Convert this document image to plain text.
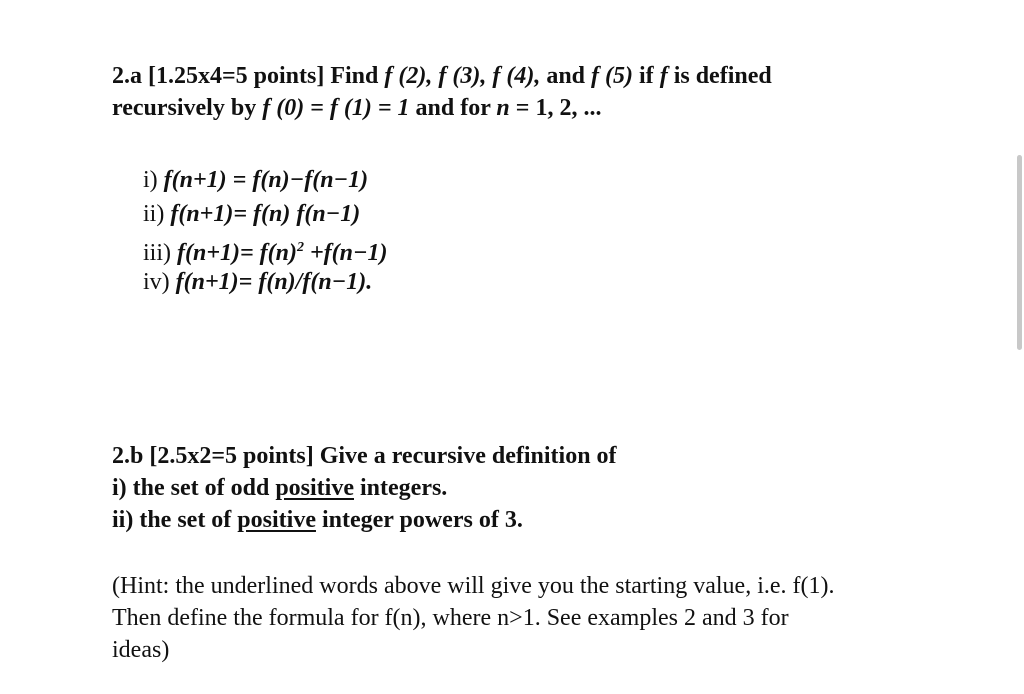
2.a [1.25x4=5 points] Find f (2), f (3), f (4), and f (5) if f is defined
recursively by f (0) = f (1) = 1 and for n = 1, 2, ...
i) f(n+1) = f(n)−f(n−1)
ii) f(n+1)= f(n) f(n−1)
iii) $f(n+1)= f(n)^2 +f(n-1)$
iv) f(n+1)= f(n)/f(n−1).
2.b [2.5x2=5 points] Give a recursive definition of
i) the set of odd positive integers.
ii) the set of positive integer powers of 3.
(Hint: the underlined words above will give you the starting value, i.e. f(1).
Then define the formula for f(n), where n>1. See examples 2 and 3 for
ideas)
